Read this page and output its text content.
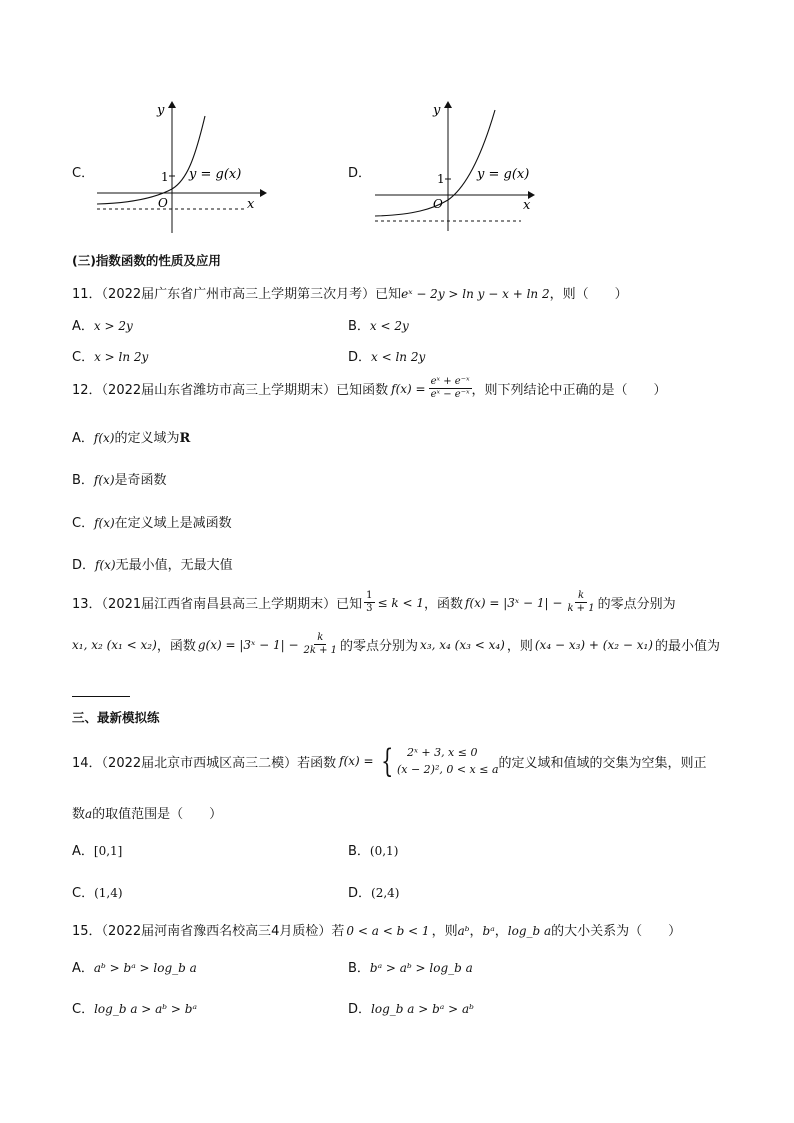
C．
y
x
O
1 y = g(x)	D．
y
x
O
1 y = g(x)
(三)指数函数的性质及应用
11．（2022届广东省广州市高三上学期第三次月考）已知eˣ − 2y > ln y − x + ln 2，则（　　）
A．x > 2y	B．x < 2y
C．x > ln 2y	D．x < ln 2y
12．（2022届山东省潍坊市高三上学期期末）已知函数 $f(x) = \frac{\text{eˣ + e⁻ˣ}}{\text{eˣ − e⁻ˣ}}$ ，则下列结论中正确的是（　　）
A．f(x)的定义域为R
B．f(x)是奇函数
C．f(x)在定义域上是减函数
D．f(x)无最小值，无最大值
13．（2021届江西省南昌县高三上学期期末）已知 $\frac{1}{3} \le k < 1$ ，函数 f(x) = |3ˣ − $1| - \frac{k}{k + 1}$ 的零点分别为
x₁, x₂ (x₁ < x₂) ，函数 g(x) = |3ˣ − $1| - \frac{k}{2k + 1}$ 的零点分别为 x₃, x₄ (x₃ < x₄) ，则 (x₄ − x₃) + (x₂ − x₁) 的最小值为
三、最新模拟练
14．（2022届北京市西城区高三二模）若函数 f(x) = {	2ˣ + 3, x ≤ 0
(x − 2)², 0 < x ≤ a 的定义域和值域的交集为空集，则正
数a的取值范围是（　　）
A．[0,1]	B．(0,1)
C．(1,4)	D．(2,4)
15．（2022届河南省豫西名校高三4月质检）若 0 < a < b < 1 ，则aᵇ，bᵃ，log_b a的大小关系为（　　）
A．aᵇ > bᵃ > log_b a	B．bᵃ > aᵇ > log_b a
C．log_b a > aᵇ > bᵃ	D．log_b a > bᵃ > aᵇ
